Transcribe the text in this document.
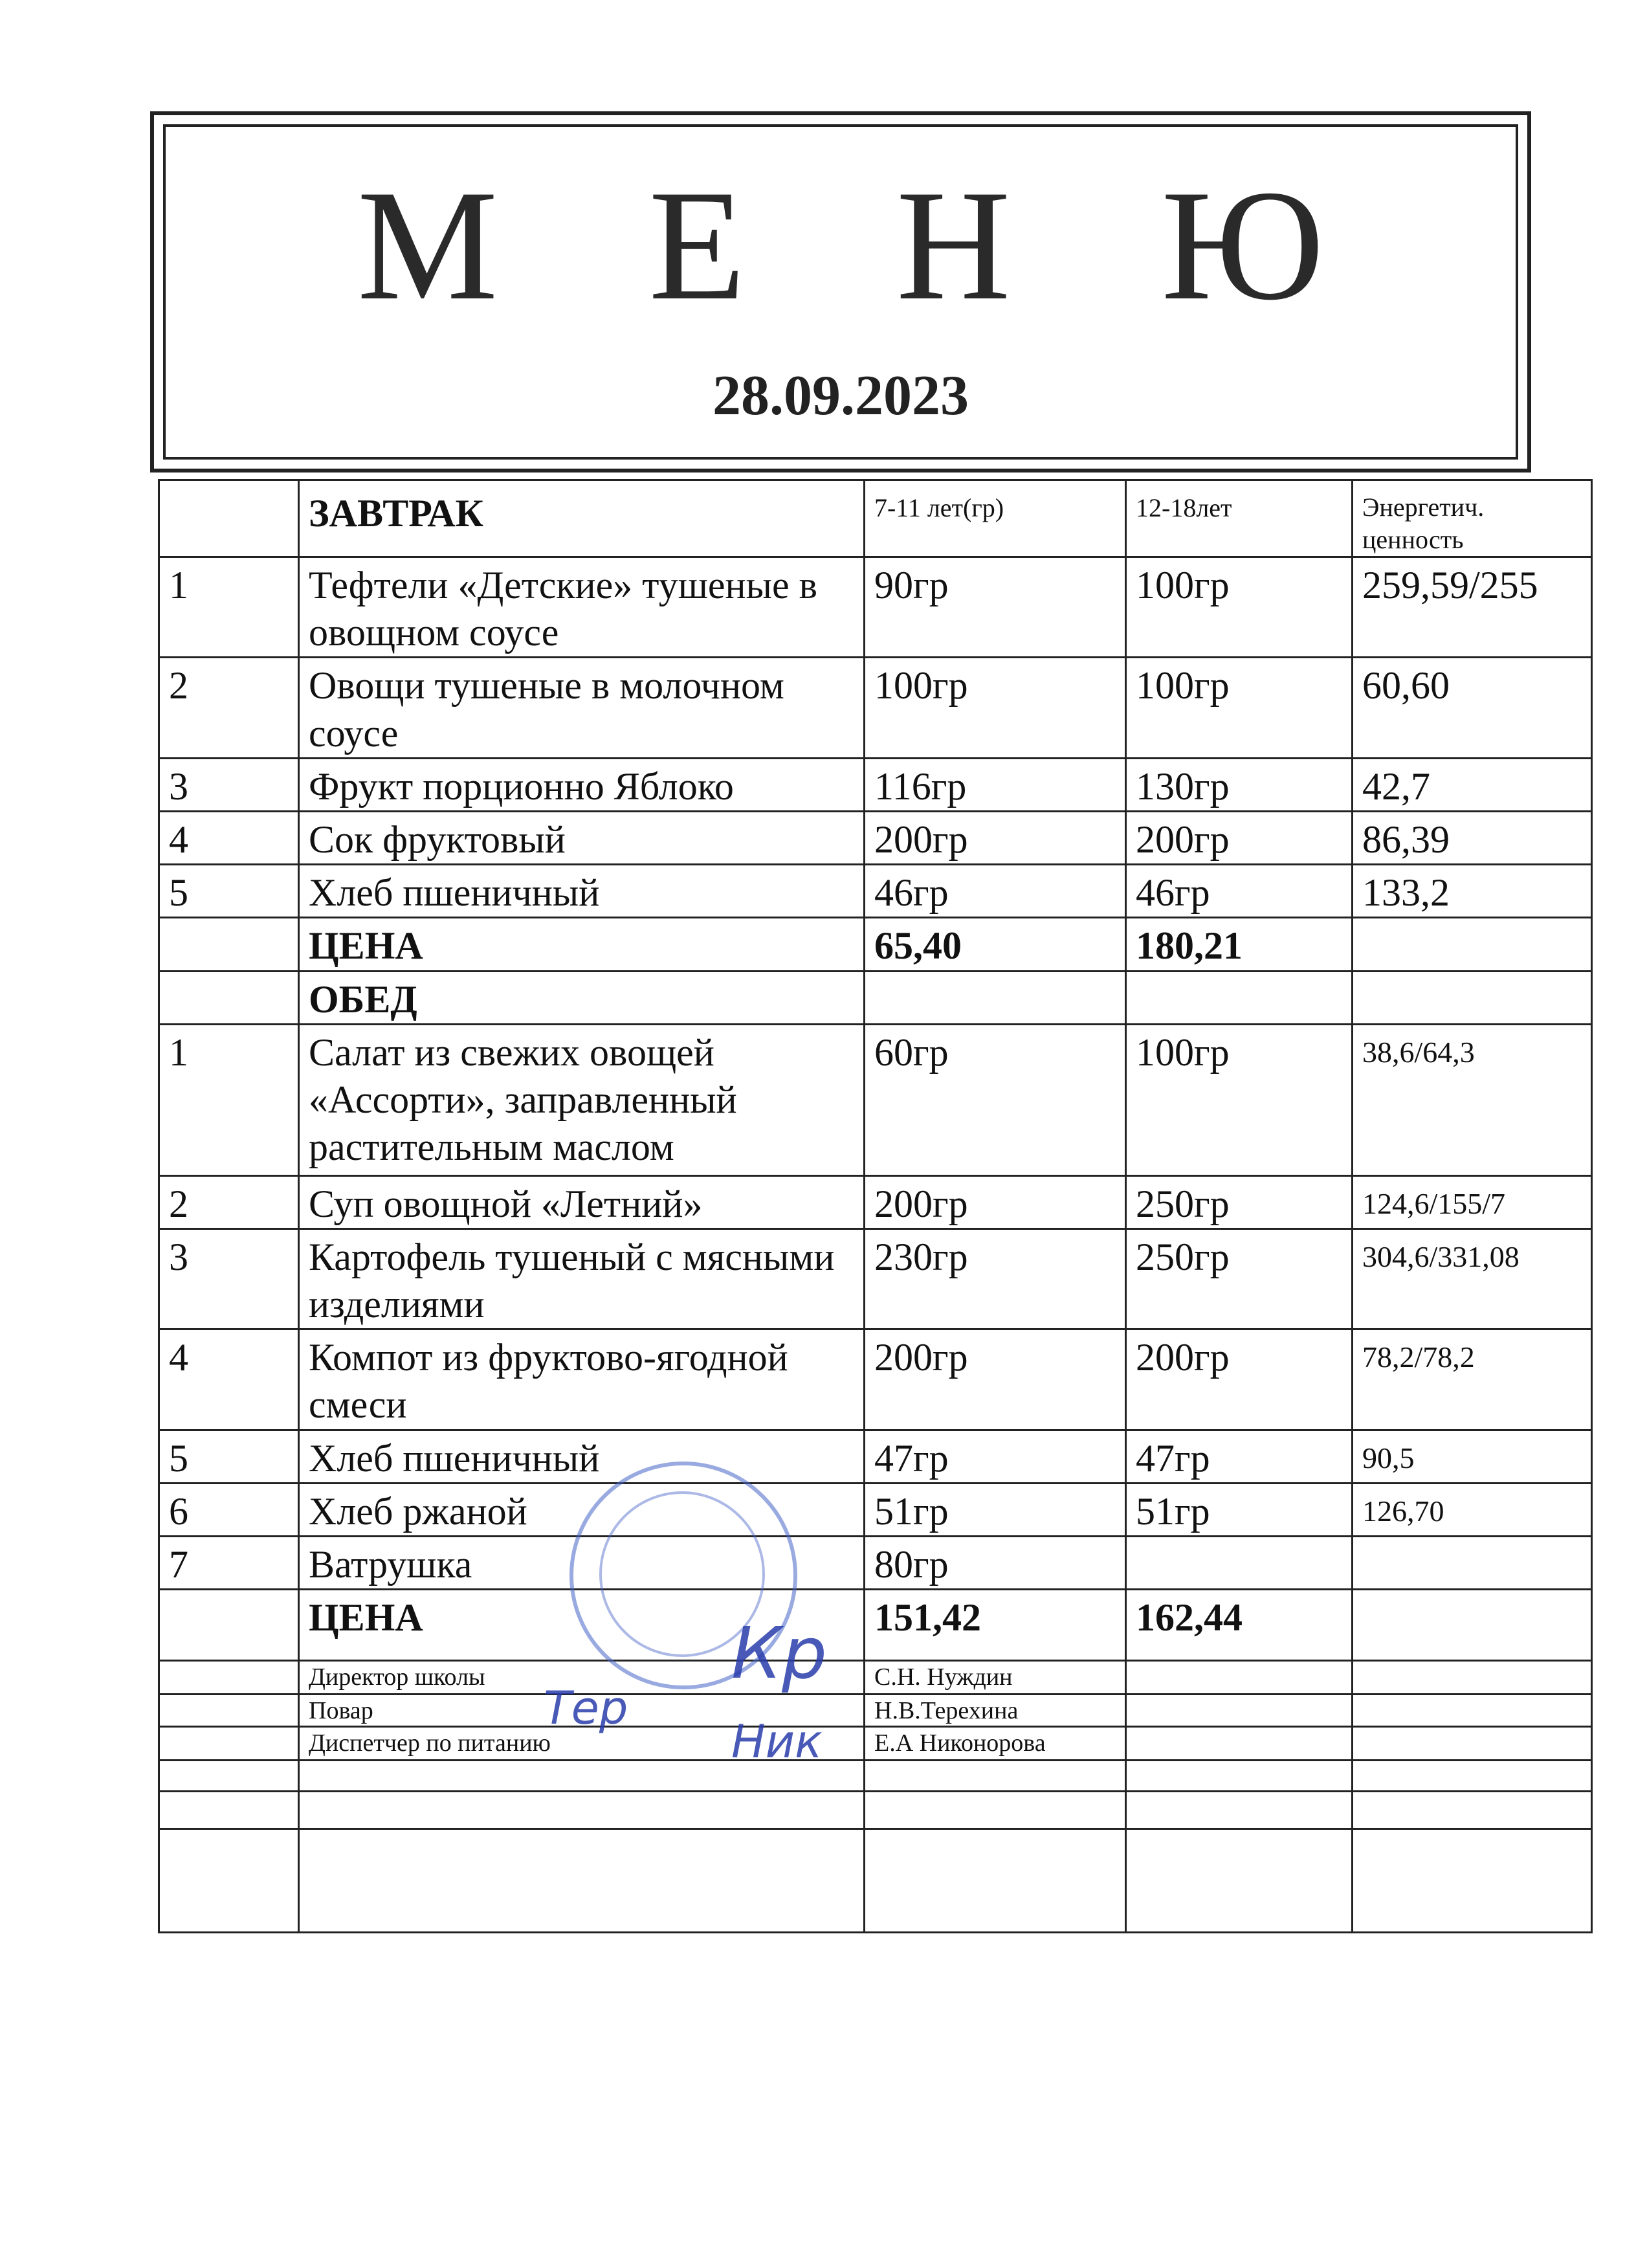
М Е Н Ю
28.09.2023
	ЗАВТРАК	7-11 лет(гр)	12-18лет	Энергетич. ценность
1	Тефтели «Детские» тушеные в овощном соусе	90гр	100гр	259,59/255
2	Овощи тушеные в молочном соусе	100гр	100гр	60,60
3	Фрукт порционно Яблоко	116гр	130гр	42,7
4	Сок фруктовый	200гр	200гр	86,39
5	Хлеб пшеничный	46гр	46гр	133,2
	ЦЕНА	65,40	180,21	
	ОБЕД			
1	Салат из свежих овощей «Ассорти», заправленный растительным маслом	60гр	100гр	38,6/64,3
2	Суп овощной «Летний»	200гр	250гр	124,6/155/7
3	Картофель тушеный с мясными изделиями	230гр	250гр	304,6/331,08
4	Компот из фруктово-ягодной смеси	200гр	200гр	78,2/78,2
5	Хлеб пшеничный	47гр	47гр	90,5
6	Хлеб ржаной	51гр	51гр	126,70
7	Ватрушка	80гр		
	ЦЕНА	151,42	162,44	
	Директор школы	С.Н. Нуждин		
	Повар	Н.В.Терехина		
	Диспетчер по питанию	Е.А Никонорова		

Кр
Тер
Ник
